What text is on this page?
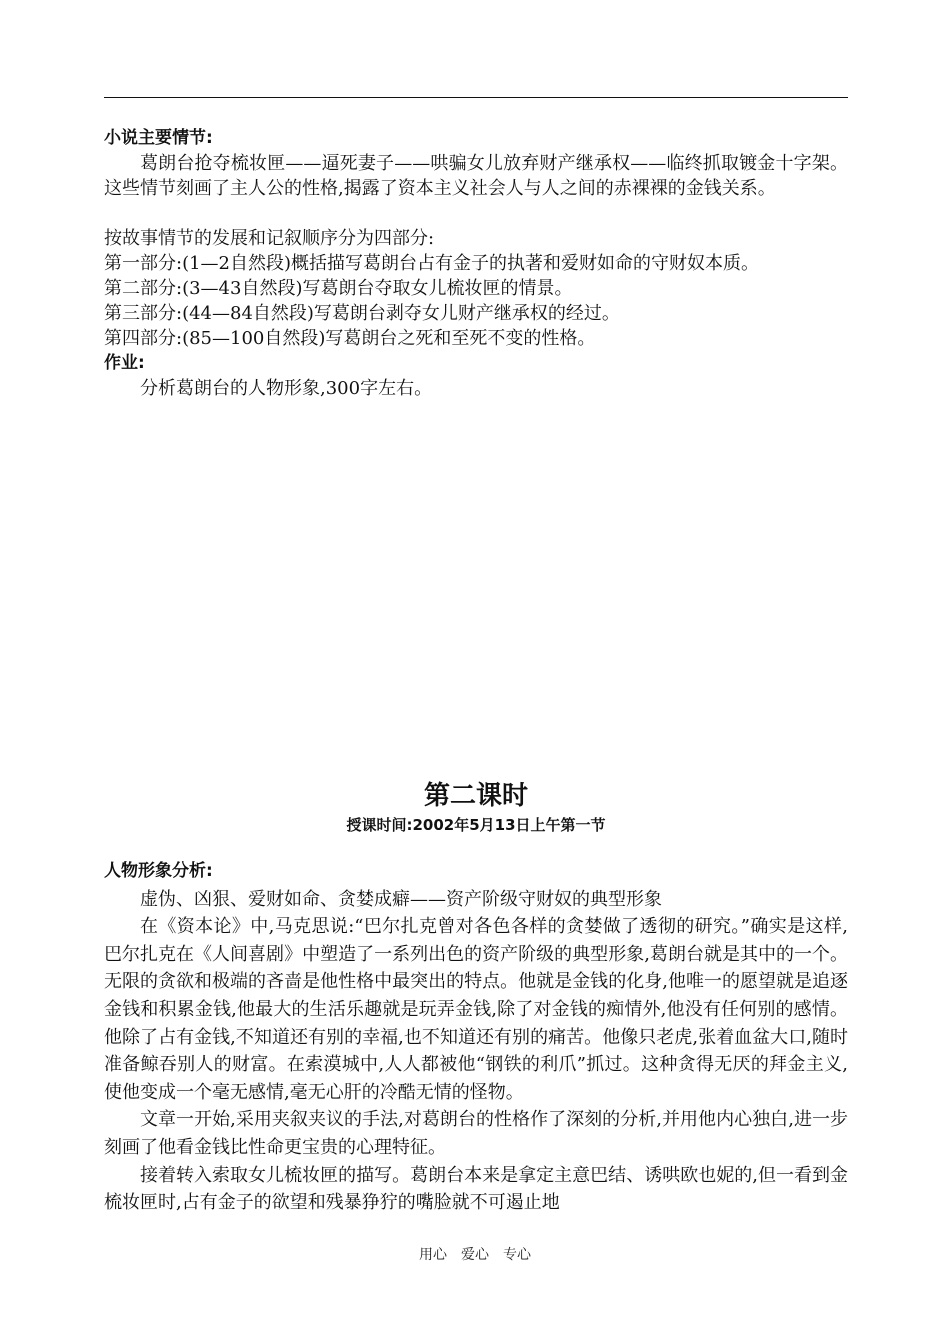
小说主要情节:

葛朗台抢夺梳妆匣——逼死妻子——哄骗女儿放弃财产继承权——临终抓取镀金十字架。这些情节刻画了主人公的性格,揭露了资本主义社会人与人之间的赤裸裸的金钱关系。

按故事情节的发展和记叙顺序分为四部分:

第一部分:(1—2自然段)概括描写葛朗台占有金子的执著和爱财如命的守财奴本质。

第二部分:(3—43自然段)写葛朗台夺取女儿梳妆匣的情景。

第三部分:(44—84自然段)写葛朗台剥夺女儿财产继承权的经过。

第四部分:(85—100自然段)写葛朗台之死和至死不变的性格。

作业:

分析葛朗台的人物形象,300字左右。

第二课时
授课时间:2002年5月13日上午第一节

人物形象分析:

虚伪、凶狠、爱财如命、贪婪成癖——资产阶级守财奴的典型形象

在《资本论》中,马克思说:“巴尔扎克曾对各色各样的贪婪做了透彻的研究。”确实是这样,巴尔扎克在《人间喜剧》中塑造了一系列出色的资产阶级的典型形象,葛朗台就是其中的一个。无限的贪欲和极端的吝啬是他性格中最突出的特点。他就是金钱的化身,他唯一的愿望就是追逐金钱和积累金钱,他最大的生活乐趣就是玩弄金钱,除了对金钱的痴情外,他没有任何别的感情。他除了占有金钱,不知道还有别的幸福,也不知道还有别的痛苦。他像只老虎,张着血盆大口,随时准备鲸吞别人的财富。在索漠城中,人人都被他“钢铁的利爪”抓过。这种贪得无厌的拜金主义,使他变成一个毫无感情,毫无心肝的冷酷无情的怪物。

文章一开始,采用夹叙夹议的手法,对葛朗台的性格作了深刻的分析,并用他内心独白,进一步刻画了他看金钱比性命更宝贵的心理特征。

接着转入索取女儿梳妆匣的描写。葛朗台本来是拿定主意巴结、诱哄欧也妮的,但一看到金梳妆匣时,占有金子的欲望和残暴狰狞的嘴脸就不可遏止地

用心　爱心　专心
